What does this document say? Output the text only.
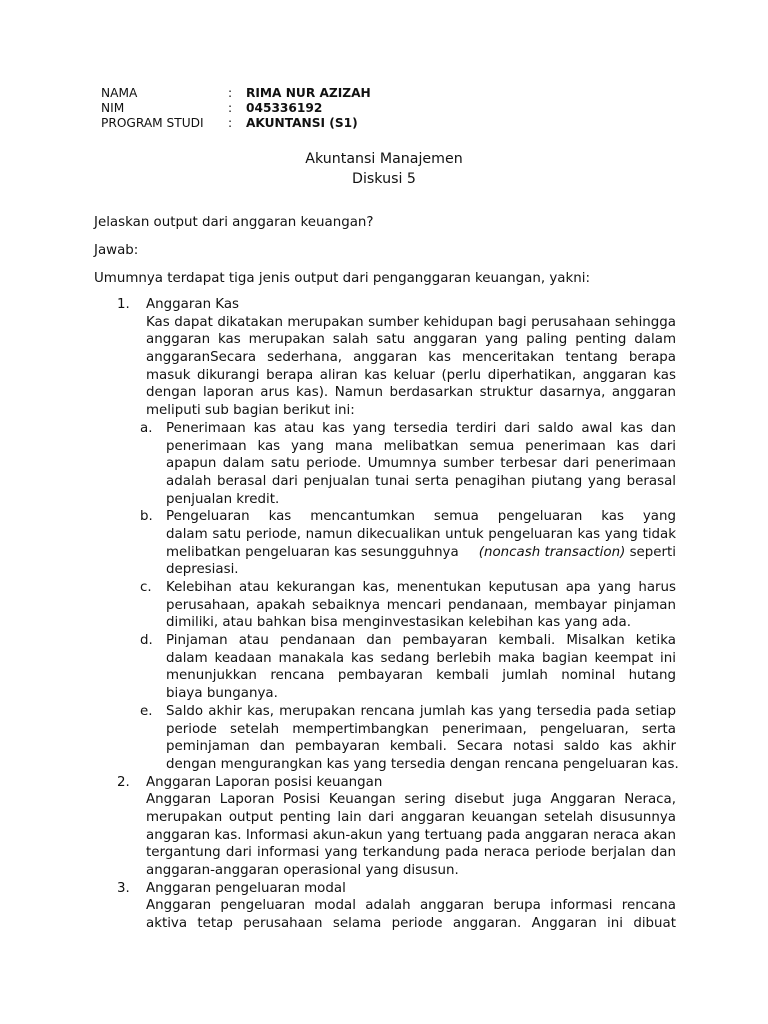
NAMA	: RIMA NUR AZIZAH
NIM	: 045336192
PROGRAM STUDI : AKUNTANSI (S1)
Akuntansi Manajemen
Diskusi 5
Jelaskan output dari anggaran keuangan?
Jawab:
Umumnya terdapat tiga jenis output dari penganggaran keuangan, yakni:
1. Anggaran Kas
Kas dapat dikatakan merupakan sumber kehidupan bagi perusahaan sehingga
anggaran kas merupakan salah satu anggaran yang paling penting dalam
anggaranSecara sederhana, anggaran kas menceritakan tentang berapa
masuk dikurangi berapa aliran kas keluar (perlu diperhatikan, anggaran kas
dengan laporan arus kas). Namun berdasarkan struktur dasarnya, anggaran
meliputi sub bagian berikut ini:
a. Penerimaan kas atau kas yang tersedia terdiri dari saldo awal kas dan
penerimaan kas yang mana melibatkan semua penerimaan kas dari
apapun dalam satu periode. Umumnya sumber terbesar dari penerimaan
adalah berasal dari penjualan tunai serta penagihan piutang yang berasal
penjualan kredit.
b. Pengeluaran kas mencantumkan semua pengeluaran kas yang
dalam satu periode, namun dikecualikan untuk pengeluaran kas yang tidak
melibatkan pengeluaran kas sesungguhnya (noncash transaction) seperti
depresiasi.
c. Kelebihan atau kekurangan kas, menentukan keputusan apa yang harus
perusahaan, apakah sebaiknya mencari pendanaan, membayar pinjaman
dimiliki, atau bahkan bisa menginvestasikan kelebihan kas yang ada.
d. Pinjaman atau pendanaan dan pembayaran kembali. Misalkan ketika
dalam keadaan manakala kas sedang berlebih maka bagian keempat ini
menunjukkan rencana pembayaran kembali jumlah nominal hutang
biaya bunganya.
e. Saldo akhir kas, merupakan rencana jumlah kas yang tersedia pada setiap
periode setelah mempertimbangkan penerimaan, pengeluaran, serta
peminjaman dan pembayaran kembali. Secara notasi saldo kas akhir
dengan mengurangkan kas yang tersedia dengan rencana pengeluaran kas.
2. Anggaran Laporan posisi keuangan
Anggaran Laporan Posisi Keuangan sering disebut juga Anggaran Neraca,
merupakan output penting lain dari anggaran keuangan setelah disusunnya
anggaran kas. Informasi akun-akun yang tertuang pada anggaran neraca akan
tergantung dari informasi yang terkandung pada neraca periode berjalan dan
anggaran-anggaran operasional yang disusun.
3. Anggaran pengeluaran modal
Anggaran pengeluaran modal adalah anggaran berupa informasi rencana
aktiva tetap perusahaan selama periode anggaran. Anggaran ini dibuat
